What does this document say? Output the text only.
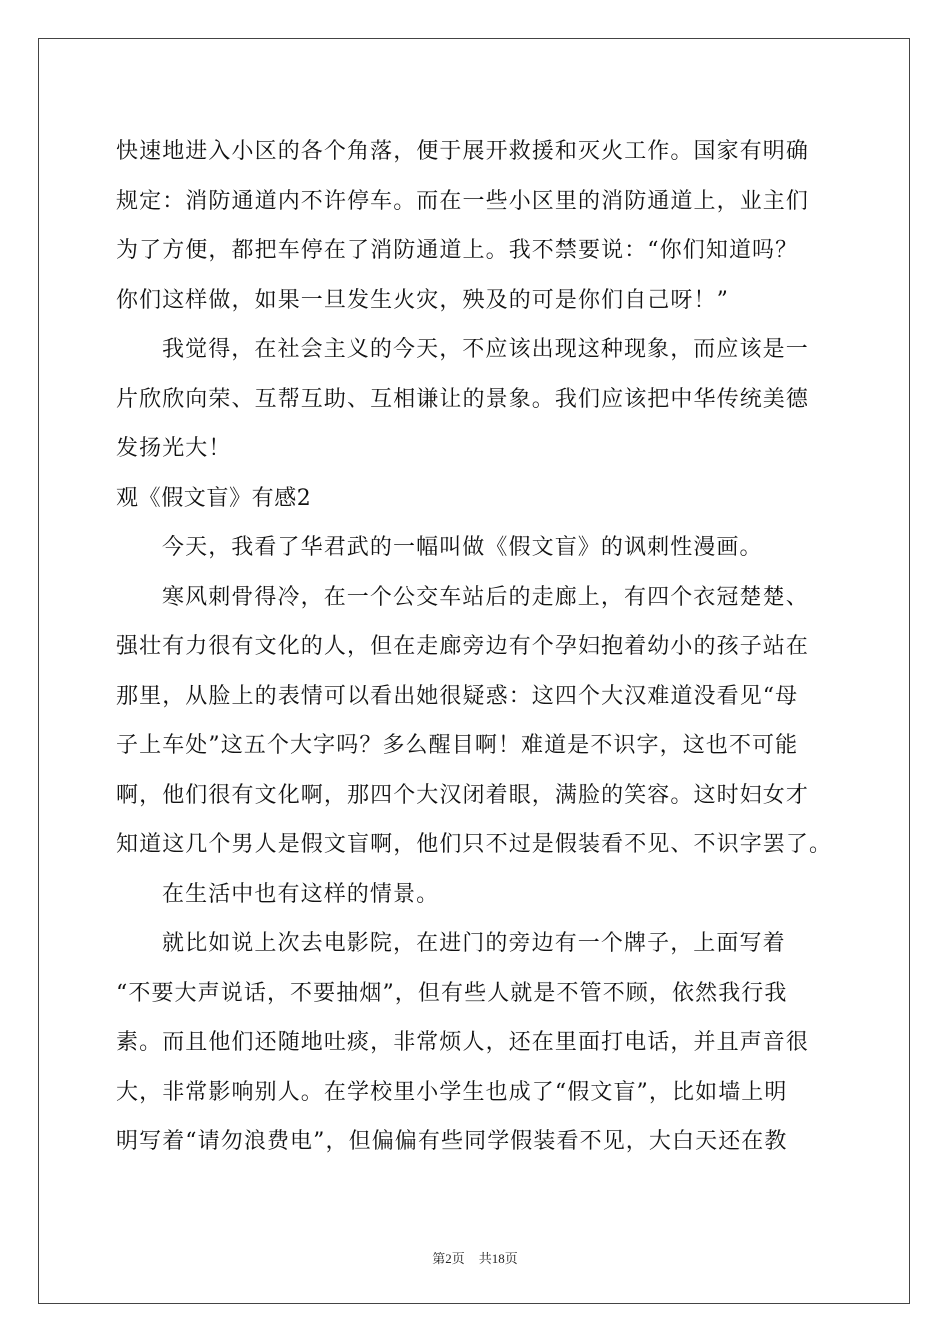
快速地进入小区的各个角落，便于展开救援和灭火工作。国家有明确
规定：消防通道内不许停车。而在一些小区里的消防通道上，业主们
为了方便，都把车停在了消防通道上。我不禁要说：“你们知道吗？
你们这样做，如果一旦发生火灾，殃及的可是你们自己呀！”
我觉得，在社会主义的今天，不应该出现这种现象，而应该是一
片欣欣向荣、互帮互助、互相谦让的景象。我们应该把中华传统美德
发扬光大！
观《假文盲》有感2
今天，我看了华君武的一幅叫做《假文盲》的讽刺性漫画。
寒风刺骨得冷，在一个公交车站后的走廊上，有四个衣冠楚楚、
强壮有力很有文化的人，但在走廊旁边有个孕妇抱着幼小的孩子站在
那里，从脸上的表情可以看出她很疑惑：这四个大汉难道没看见“母
子上车处”这五个大字吗？多么醒目啊！难道是不识字，这也不可能
啊，他们很有文化啊，那四个大汉闭着眼，满脸的笑容。这时妇女才
知道这几个男人是假文盲啊，他们只不过是假装看不见、不识字罢了。
在生活中也有这样的情景。
就比如说上次去电影院，在进门的旁边有一个牌子，上面写着
“不要大声说话，不要抽烟”，但有些人就是不管不顾，依然我行我
素。而且他们还随地吐痰，非常烦人，还在里面打电话，并且声音很
大，非常影响别人。在学校里小学生也成了“假文盲”，比如墙上明
明写着“请勿浪费电”，但偏偏有些同学假装看不见，大白天还在教
第2页 共18页
